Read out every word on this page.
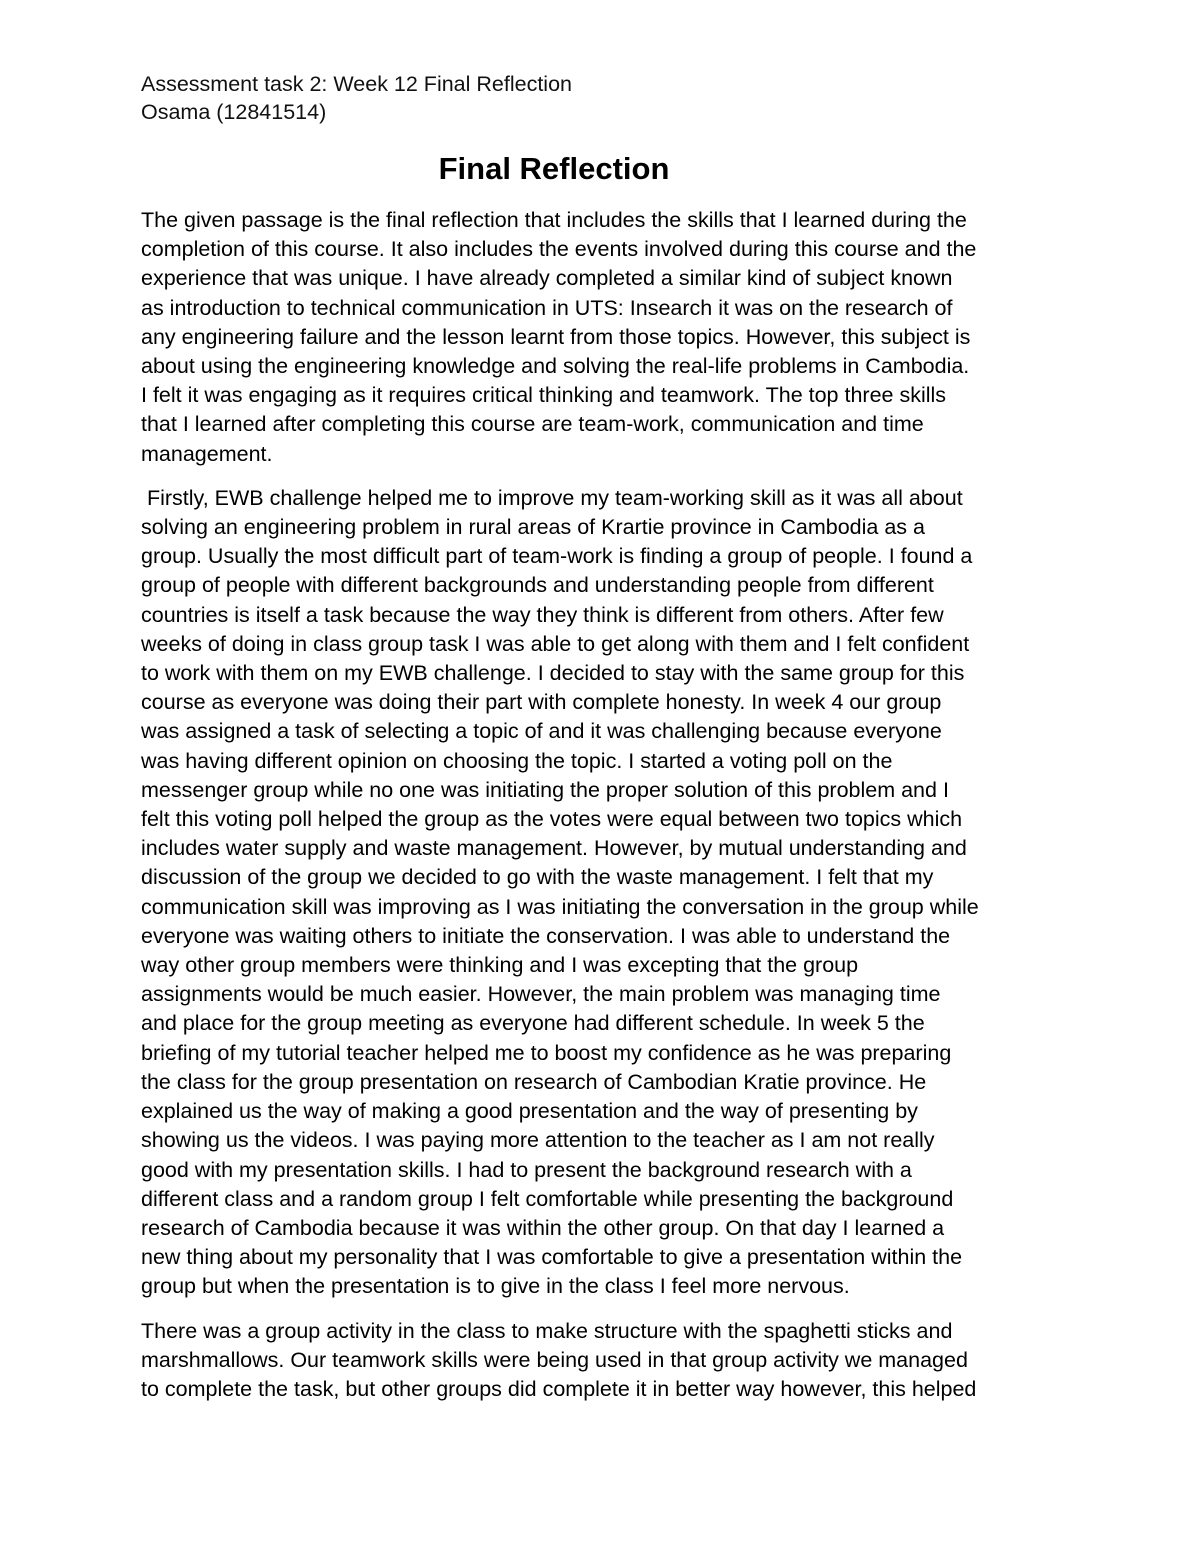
Assessment task 2: Week 12 Final Reflection
Osama (12841514)
Final Reflection
The given passage is the final reflection that includes the skills that I learned during the
completion of this course. It also includes the events involved during this course and the
experience that was unique. I have already completed a similar kind of subject known
as introduction to technical communication in UTS: Insearch it was on the research of
any engineering failure and the lesson learnt from those topics. However, this subject is
about using the engineering knowledge and solving the real-life problems in Cambodia.
I felt it was engaging as it requires critical thinking and teamwork. The top three skills
that I learned after completing this course are team-work, communication and time
management.
Firstly, EWB challenge helped me to improve my team-working skill as it was all about
solving an engineering problem in rural areas of Krartie province in Cambodia as a
group. Usually the most difficult part of team-work is finding a group of people. I found a
group of people with different backgrounds and understanding people from different
countries is itself a task because the way they think is different from others. After few
weeks of doing in class group task I was able to get along with them and I felt confident
to work with them on my EWB challenge. I decided to stay with the same group for this
course as everyone was doing their part with complete honesty. In week 4 our group
was assigned a task of selecting a topic of and it was challenging because everyone
was having different opinion on choosing the topic. I started a voting poll on the
messenger group while no one was initiating the proper solution of this problem and I
felt this voting poll helped the group as the votes were equal between two topics which
includes water supply and waste management. However, by mutual understanding and
discussion of the group we decided to go with the waste management. I felt that my
communication skill was improving as I was initiating the conversation in the group while
everyone was waiting others to initiate the conservation. I was able to understand the
way other group members were thinking and I was excepting that the group
assignments would be much easier. However, the main problem was managing time
and place for the group meeting as everyone had different schedule. In week 5 the
briefing of my tutorial teacher helped me to boost my confidence as he was preparing
the class for the group presentation on research of Cambodian Kratie province. He
explained us the way of making a good presentation and the way of presenting by
showing us the videos. I was paying more attention to the teacher as I am not really
good with my presentation skills. I had to present the background research with a
different class and a random group I felt comfortable while presenting the background
research of Cambodia because it was within the other group. On that day I learned a
new thing about my personality that I was comfortable to give a presentation within the
group but when the presentation is to give in the class I feel more nervous.
There was a group activity in the class to make structure with the spaghetti sticks and
marshmallows. Our teamwork skills were being used in that group activity we managed
to complete the task, but other groups did complete it in better way however, this helped
